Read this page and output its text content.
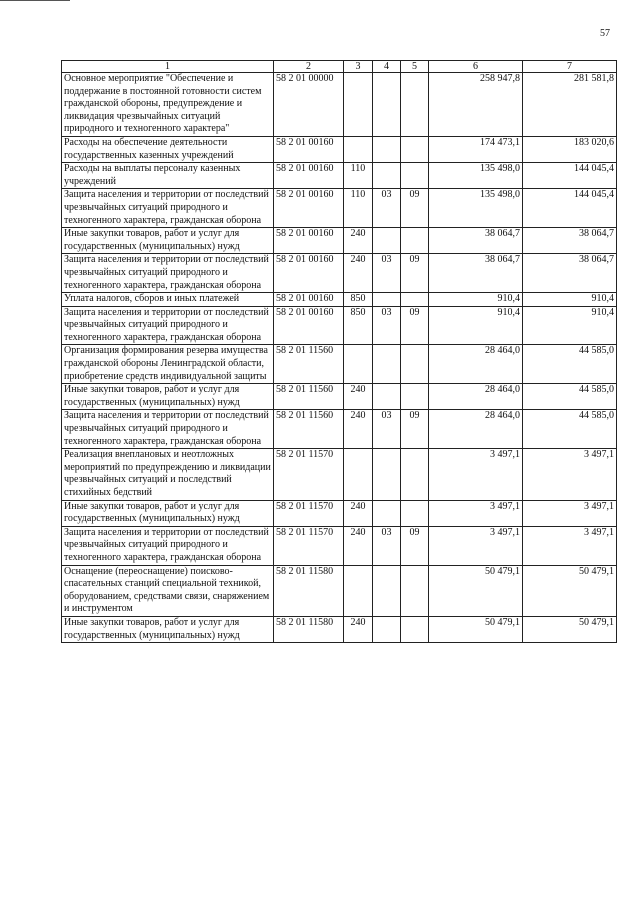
57
1	2	3	4	5	6	7
Основное мероприятие "Обеспечение и поддержание в постоянной готовности систем гражданской обороны, предупреждение и ликвидация чрезвычайных ситуаций природного и техногенного характера"	58 2 01 00000				258 947,8	281 581,8
Расходы на обеспечение деятельности государственных казенных учреждений	58 2 01 00160				174 473,1	183 020,6
Расходы на выплаты персоналу казенных учреждений	58 2 01 00160	110			135 498,0	144 045,4
Защита населения и территории от последствий чрезвычайных ситуаций природного и техногенного характера, гражданская оборона	58 2 01 00160	110	03	09	135 498,0	144 045,4
Иные закупки товаров, работ и услуг для государственных (муниципальных) нужд	58 2 01 00160	240			38 064,7	38 064,7
Защита населения и территории от последствий чрезвычайных ситуаций природного и техногенного характера, гражданская оборона	58 2 01 00160	240	03	09	38 064,7	38 064,7
Уплата налогов, сборов и иных платежей	58 2 01 00160	850			910,4	910,4
Защита населения и территории от последствий чрезвычайных ситуаций природного и техногенного характера, гражданская оборона	58 2 01 00160	850	03	09	910,4	910,4
Организация формирования резерва имущества гражданской обороны Ленинградской области, приобретение средств индивидуальной защиты	58 2 01 11560				28 464,0	44 585,0
Иные закупки товаров, работ и услуг для государственных (муниципальных) нужд	58 2 01 11560	240			28 464,0	44 585,0
Защита населения и территории от последствий чрезвычайных ситуаций природного и техногенного характера, гражданская оборона	58 2 01 11560	240	03	09	28 464,0	44 585,0
Реализация внеплановых и неотложных мероприятий по предупреждению и ликвидации чрезвычайных ситуаций и последствий стихийных бедствий	58 2 01 11570				3 497,1	3 497,1
Иные закупки товаров, работ и услуг для государственных (муниципальных) нужд	58 2 01 11570	240			3 497,1	3 497,1
Защита населения и территории от последствий чрезвычайных ситуаций природного и техногенного характера, гражданская оборона	58 2 01 11570	240	03	09	3 497,1	3 497,1
Оснащение (переоснащение) поисково-спасательных станций специальной техникой, оборудованием, средствами связи, снаряжением и инструментом	58 2 01 11580				50 479,1	50 479,1
Иные закупки товаров, работ и услуг для государственных (муниципальных) нужд	58 2 01 11580	240			50 479,1	50 479,1
